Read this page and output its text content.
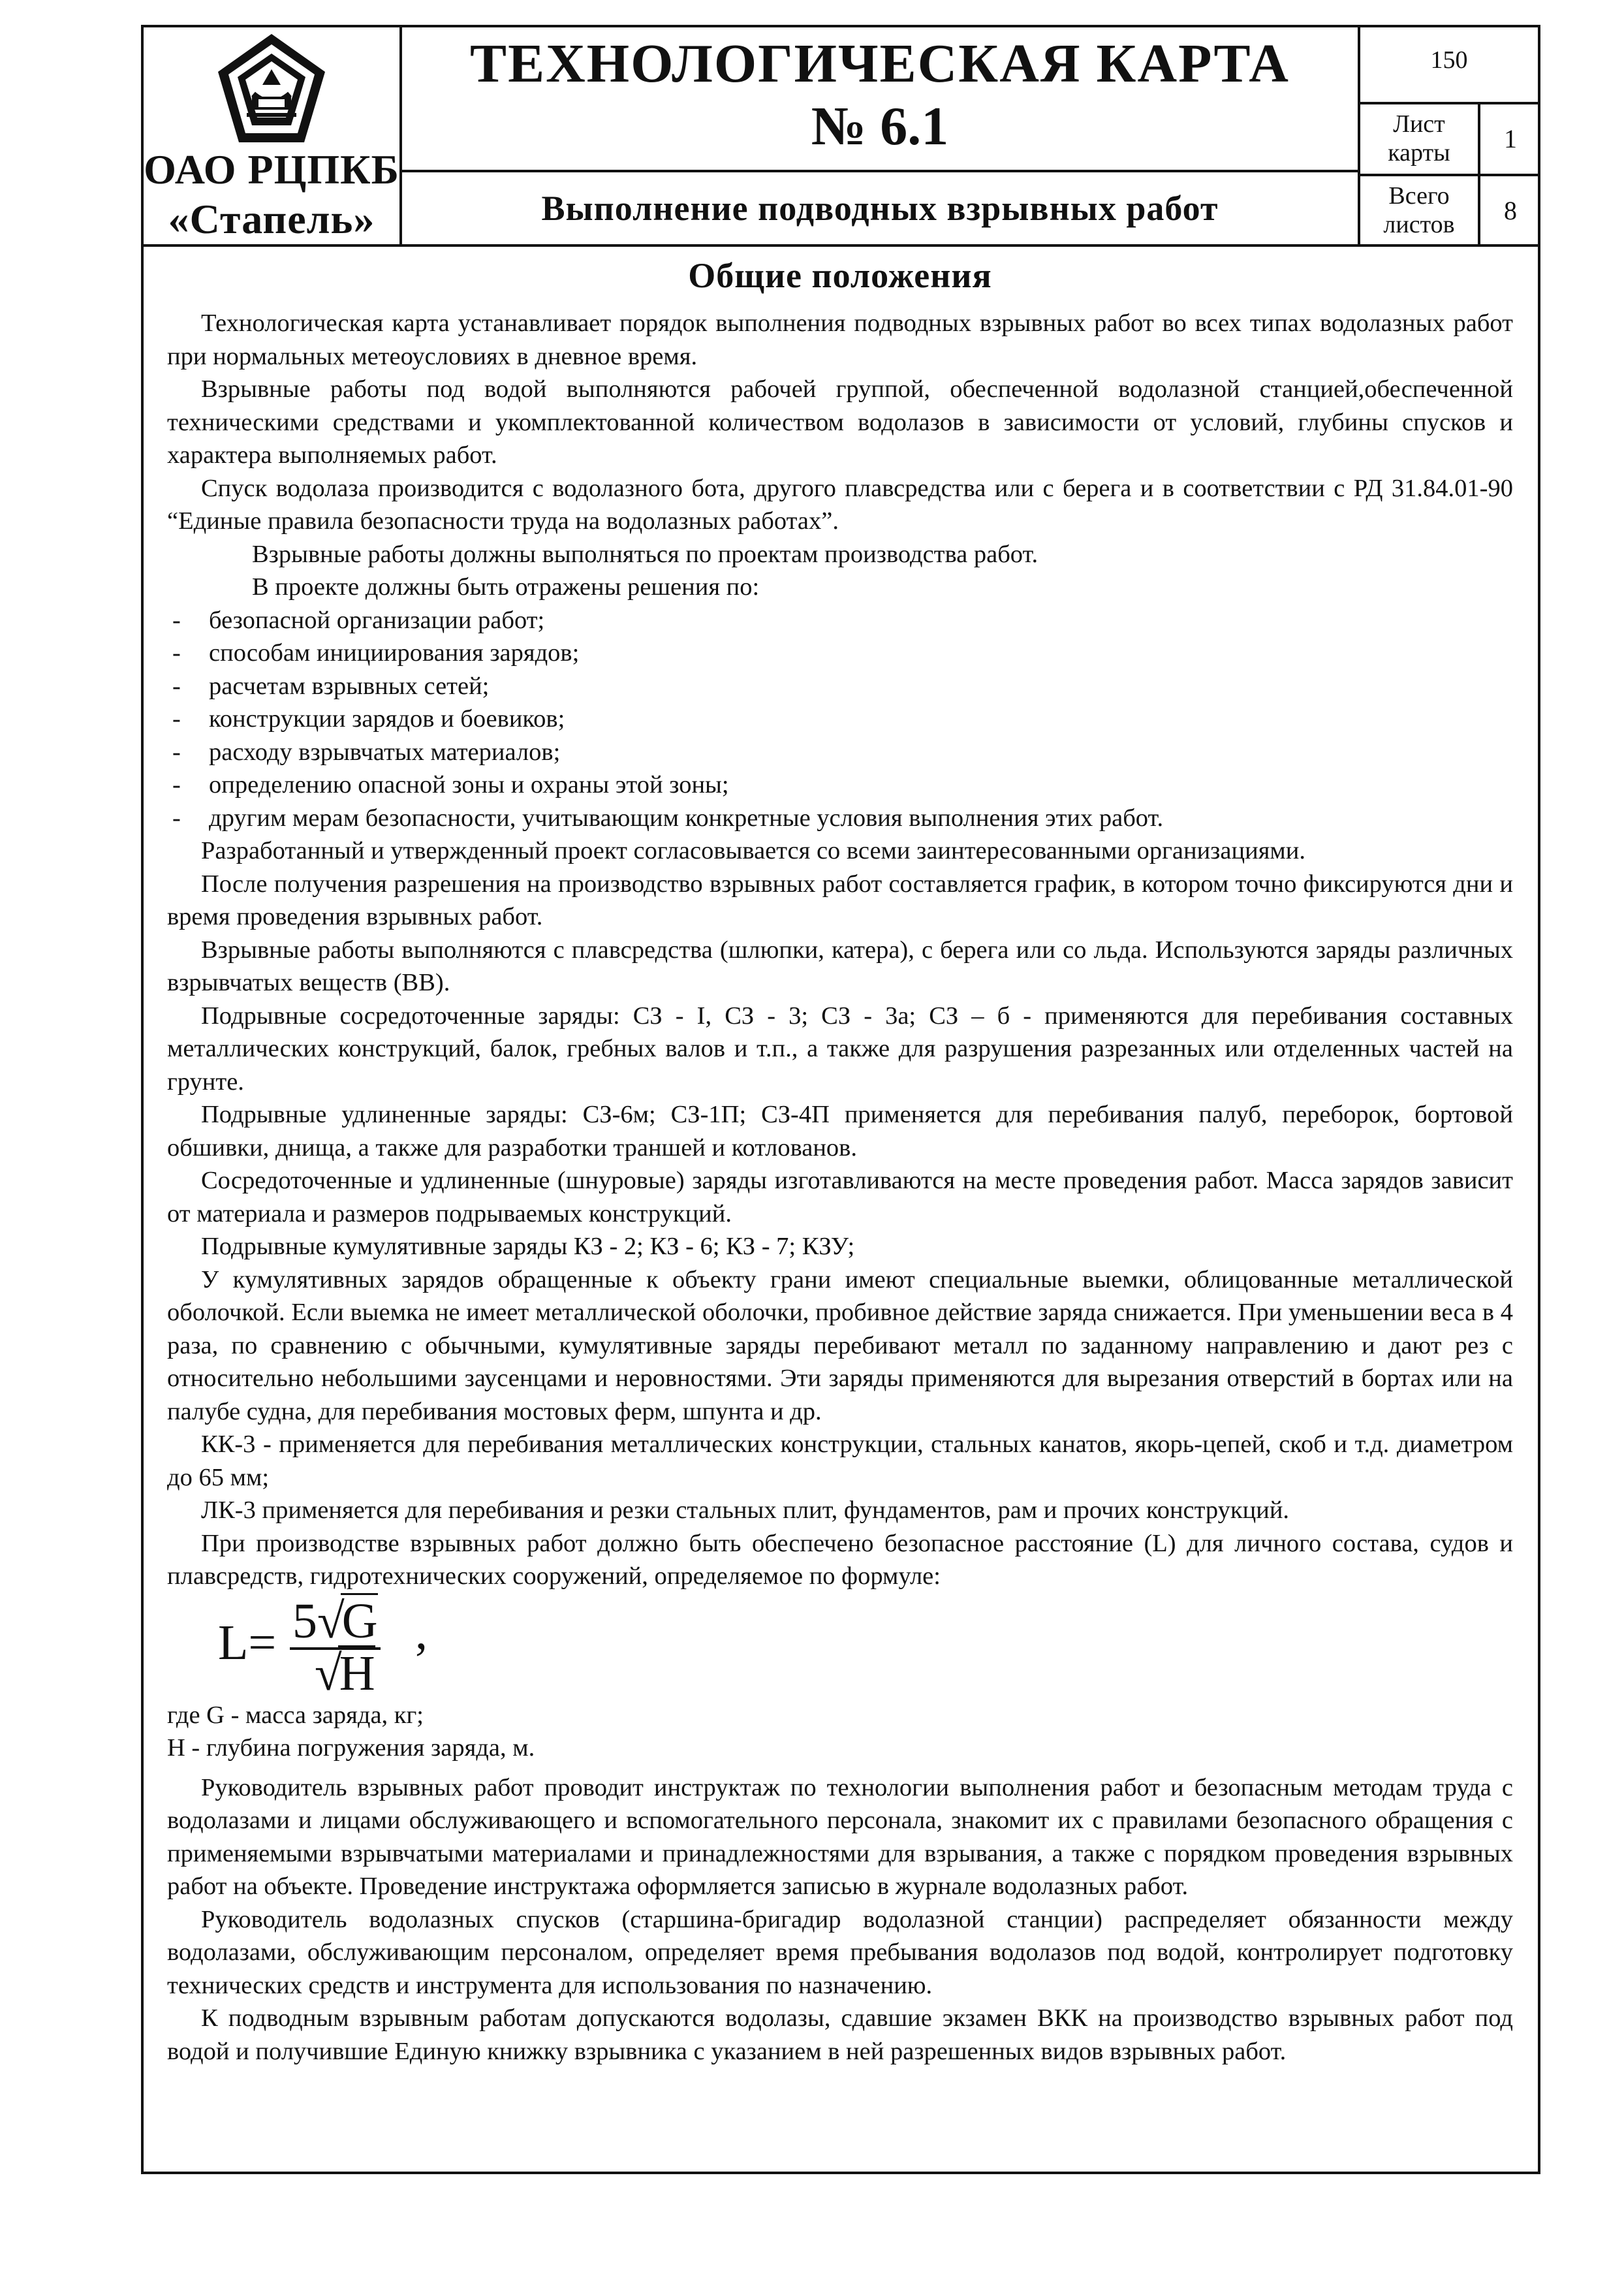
ОАО РЦПКБ
«Стапель»
ТЕХНОЛОГИЧЕСКАЯ КАРТА
№ 6.1
Выполнение подводных взрывных работ
150
Лист
карты	1
Всего
листов	8
Общие положения

Технологическая карта устанавливает порядок выполнения подводных взрывных работ во всех типах водолазных работ при нормальных метеоусловиях в дневное время.

Взрывные работы под водой выполняются рабочей группой, обеспеченной водолазной станцией,обеспеченной техническими средствами и укомплектованной количеством водолазов в зависимости от условий, глубины спусков и характера выполняемых работ.

Спуск водолаза производится с водолазного бота, другого плавсредства или с берега и в соответствии с РД 31.84.01-90 “Единые правила безопасности труда на водолазных работах”.

Взрывные работы должны выполняться по проектам производства работ.

В проекте должны быть отражены решения по:

- безопасной организации работ;
- способам инициирования зарядов;
- расчетам взрывных сетей;
- конструкции зарядов и боевиков;
- расходу взрывчатых материалов;
- определению опасной зоны и охраны этой зоны;
- другим мерам безопасности, учитывающим конкретные условия выполнения этих работ.

Разработанный и утвержденный проект согласовывается со всеми заинтересованными организациями.

После получения разрешения на производство взрывных работ составляется график, в котором точно фиксируются дни и время проведения взрывных работ.

Взрывные работы выполняются с плавсредства (шлюпки, катера), с берега или со льда. Используются заряды различных взрывчатых веществ (ВВ).

Подрывные сосредоточенные заряды: СЗ - I, СЗ - 3; СЗ - 3а; СЗ – б - применяются для перебивания составных металлических конструкций, балок, гребных валов и т.п., а также для разрушения разрезанных или отделенных частей на грунте.

Подрывные удлиненные заряды: СЗ-6м; СЗ-1П; СЗ-4П применяется для перебивания палуб, переборок, бортовой обшивки, днища, а также для разработки траншей и котлованов.

Сосредоточенные и удлиненные (шнуровые) заряды изготавливаются на месте проведения работ. Масса зарядов зависит от материала и размеров подрываемых конструкций.

Подрывные кумулятивные заряды КЗ - 2; КЗ - 6; КЗ - 7; КЗУ;

У кумулятивных зарядов обращенные к объекту грани имеют специальные выемки, облицованные металлической оболочкой. Если выемка не имеет металлической оболочки, пробивное действие заряда снижается. При уменьшении веса в 4 раза, по сравнению с обычными, кумулятивные заряды перебивают металл по заданному направлению и дают рез с относительно небольшими заусенцами и неровностями. Эти заряды применяются для вырезания отверстий в бортах или на палубе судна, для перебивания мостовых ферм, шпунта и др.

КК-3 - применяется для перебивания металлических конструкции, стальных канатов, якорь-цепей, скоб и т.д. диаметром до 65 мм;

ЛК-3 применяется для перебивания и резки стальных плит, фундаментов, рам и прочих конструкций.

При производстве взрывных работ должно быть обеспечено безопасное расстояние (L) для личного состава, судов и плавсредств, гидротехнических сооружений, определяемое по формуле:

L= 5√G ,
√H

где G - масса заряда, кг;

Н - глубина погружения заряда, м.

Руководитель взрывных работ проводит инструктаж по технологии выполнения работ и безопасным методам труда с водолазами и лицами обслуживающего и вспомогательного персонала, знакомит их с правилами безопасного обращения с применяемыми взрывчатыми материалами и принадлежностями для взрывания, а также с порядком проведения взрывных работ на объекте. Проведение инструктажа оформляется записью в журнале водолазных работ.

Руководитель водолазных спусков (старшина-бригадир водолазной станции) распределяет обязанности между водолазами, обслуживающим персоналом, определяет время пребывания водолазов под водой, контролирует подготовку технических средств и инструмента для использования по назначению.

К подводным взрывным работам допускаются водолазы, сдавшие экзамен ВКК на производство взрывных работ под водой и получившие Единую книжку взрывника с указанием в ней разрешенных видов взрывных работ.
